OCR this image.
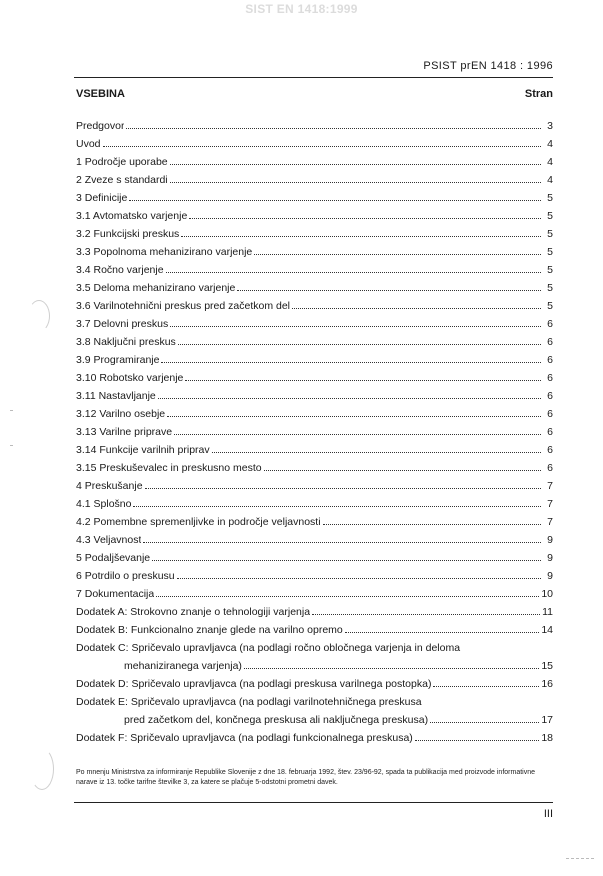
SIST EN 1418:1999
PSIST prEN 1418 : 1996
VSEBINA	Stran
Predgovor	3
Uvod	4
1 Področje uporabe	4
2 Zveze s standardi	4
3 Definicije	5
3.1 Avtomatsko varjenje	5
3.2 Funkcijski preskus	5
3.3 Popolnoma mehanizirano varjenje	5
3.4 Ročno varjenje	5
3.5 Deloma mehanizirano varjenje	5
3.6 Varilnotehnični preskus pred začetkom del	5
3.7 Delovni preskus	6
3.8 Naključni preskus	6
3.9 Programiranje	6
3.10 Robotsko varjenje	6
3.11 Nastavljanje	6
3.12 Varilno osebje	6
3.13 Varilne priprave	6
3.14 Funkcije varilnih priprav	6
3.15 Preskuševalec in preskusno mesto	6
4 Preskušanje	7
4.1 Splošno	7
4.2 Pomembne spremenljivke in področje veljavnosti	7
4.3 Veljavnost	9
5 Podaljševanje	9
6 Potrdilo o preskusu	9
7 Dokumentacija	10
Dodatek A: Strokovno znanje o tehnologiji varjenja	11
Dodatek B: Funkcionalno znanje glede na varilno opremo	14
Dodatek C: Spričevalo upravljavca (na podlagi ročno obločnega varjenja in deloma
mehaniziranega varjenja)	15
Dodatek D: Spričevalo upravljavca (na podlagi preskusa varilnega postopka)	16
Dodatek E: Spričevalo upravljavca (na podlagi varilnotehničnega preskusa
pred začetkom del, končnega preskusa ali naključnega preskusa)	17
Dodatek F: Spričevalo upravljavca (na podlagi funkcionalnega preskusa)	18
Po mnenju Ministrstva za informiranje Republike Slovenije z dne 18. februarja 1992, štev. 23/96-92, spada ta publikacija med proizvode informativne narave iz 13. točke tarifne številke 3, za katere se plačuje 5-odstotni prometni davek.
III
